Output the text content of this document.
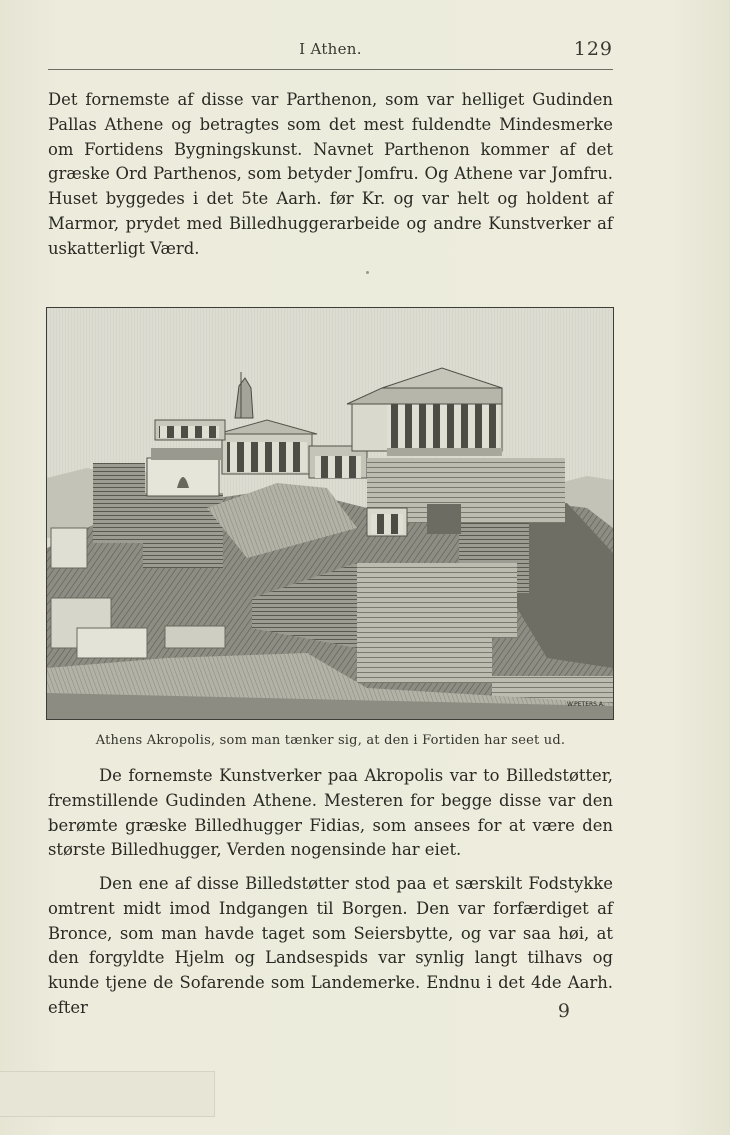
I Athen.	129

Det fornemste af disse var Parthenon, som var helliget Gudinden Pallas Athene og betragtes som det mest fuldendte Mindesmerke om Fortidens Bygningskunst. Navnet Parthenon kommer af det græske Ord Parthenos, som betyder Jomfru. Og Athene var Jomfru. Huset byggedes i det 5te Aarh. før Kr. og var helt og holdent af Marmor, prydet med Billedhuggerarbeide og andre Kunstverker af uskatterligt Værd.

W.PETERS.A.
Athens Akropolis, som man tænker sig, at den i Fortiden har seet ud.

De fornemste Kunstverker paa Akropolis var to Billedstøtter, fremstillende Gudinden Athene. Mesteren for begge disse var den berømte græske Billedhugger Fidias, som ansees for at være den største Billedhugger, Verden nogensinde har eiet.

Den ene af disse Billedstøtter stod paa et særskilt Fodstykke omtrent midt imod Indgangen til Borgen. Den var forfærdiget af Bronce, som man havde taget som Seiersbytte, og var saa høi, at den forgyldte Hjelm og Landsespids var synlig langt tilhavs og kunde tjene de Sofarende som Landemerke. Endnu i det 4de Aarh. efter	9
